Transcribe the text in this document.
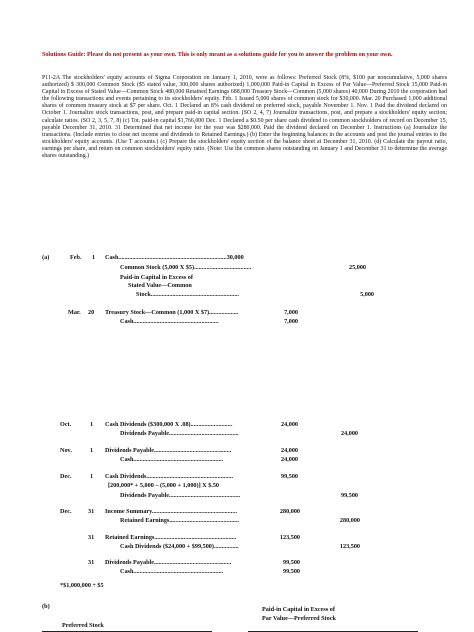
Solutions Guide: Please do not present as your own. This is only meant as a solutions guide for you to answer the problem on your own.
P11-2A The stockholders' equity accounts of Sigma Corporation on January 1, 2010, were as follows: Preferred Stock (8%, $100 par noncumulative, 5,000 shares authorized) $ 300,000 Common Stock ($5 stated value, 300,000 shares authorized) 1,000,000 Paid-in Capital in Excess of Par Value—Preferred Stock 15,000 Paid-in Capital in Excess of Stated Value—Common Stock 480,000 Retained Earnings 688,000 Treasury Stock—Common (5,000 shares) 40,000 During 2010 the corporation had the following transactions and events pertaining to its stockholders' equity. Feb. 1 Issued 5,000 shares of common stock for $30,000. Mar. 20 Purchased 1,000 additional shares of common treasury stock at $7 per share. Oct. 1 Declared an 8% cash dividend on preferred stock, payable November 1. Nov. 1 Paid the dividend declared on October 1. Journalize stock transactions, post, and prepare paid-in capital section. (SO 2, 4, 7) Journalize transactions, post, and prepare a stockholders' equity section; calculate ratios. (SO 2, 3, 5, 7, 8) (c) Tot. paid-in capital $1,766,000 Dec. 1 Declared a $0.50 per share cash dividend to common stockholders of record on December 15, payable December 31, 2010. 31 Determined that net income for the year was $280,000. Paid the dividend declared on December 1. Instructions (a) Journalize the transactions. (Include entries to close net income and dividends to Retained Earnings.) (b) Enter the beginning balances in the accounts and post the journal entries to the stockholders' equity accounts. (Use T accounts.) (c) Prepare the stockholders' equity section of the balance sheet at December 31, 2010. (d) Calculate the payout ratio, earnings per share, and return on common stockholders' equity ratio. (Note: Use the common shares outstanding on January 1 and December 31 to determine the average shares outstanding.)
(a)	Feb. 1 Cash......................................................................30,000
Common Stock (5,000 X $5).....................................	25,000
Paid-in Capital in Excess of
Stated Value—Common
Stock.........................................................	5,000
Mar. 20 Treasury Stock—Common (1,000 X $7)...................	7,000
Cash.......................................................	7,000
Oct.	1 Cash Dividends ($300,000 X .08)...........................	24,000
Dividends Payable.............................................	24,000
Nov.	1 Dividends Payable..................................................	24,000
Cash..........................................................	24,000
Dec.	1 Cash Dividends........................................................	99,500
[200,000* + 5,000 – (5,000 + 1,000)] X $.50
Dividends Payable..............................................	99,500
Dec.	31 Income Summary.......................................................	280,000
Retained Earnings.............................................	280,000
31 Retained Earnings.....................................................	123,500
Cash Dividends ($24,000 + $99,500)................	123,500
31 Dividends Payable..................................................	99,500
Cash..........................................................	99,500
*$1,000,000 ÷ $5
(b)
Preferred Stock
Paid-in Capital in Excess of
Par Value—Preferred Stock
